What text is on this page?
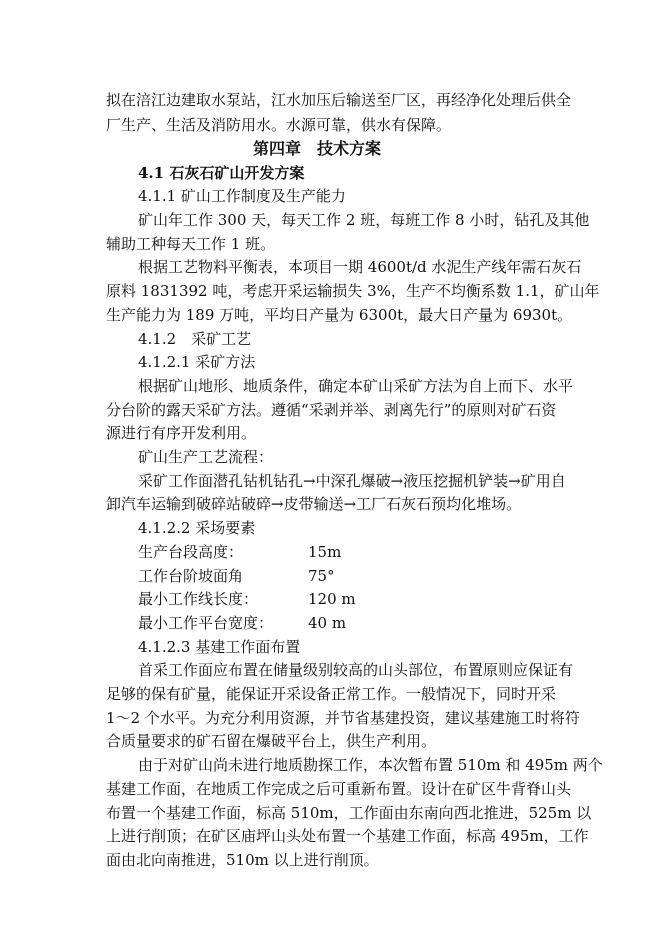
拟在涪江边建取水泵站，江水加压后输送至厂区，再经净化处理后供全
厂生产、生活及消防用水。水源可靠，供水有保障。
第四章　技术方案
4.1 石灰石矿山开发方案
4.1.1 矿山工作制度及生产能力
矿山年工作 300 天，每天工作 2 班，每班工作 8 小时，钻孔及其他
辅助工种每天工作 1 班。
根据工艺物料平衡表，本项目一期 4600t/d 水泥生产线年需石灰石
原料 1831392 吨，考虑开采运输损失 3%，生产不均衡系数 1.1，矿山年
生产能力为 189 万吨，平均日产量为 6300t，最大日产量为 6930t。
4.1.2　采矿工艺
4.1.2.1 采矿方法
根据矿山地形、地质条件，确定本矿山采矿方法为自上而下、水平
分台阶的露天采矿方法。遵循“采剥并举、剥离先行”的原则对矿石资
源进行有序开发利用。
矿山生产工艺流程：
采矿工作面潜孔钻机钻孔→中深孔爆破→液压挖掘机铲装→矿用自
卸汽车运输到破碎站破碎→皮带输送→工厂石灰石预均化堆场。
4.1.2.2 采场要素
生产台段高度：	15m
工作台阶坡面角	75°
最小工作线长度：	120 m
最小工作平台宽度： 40 m
4.1.2.3 基建工作面布置
首采工作面应布置在储量级别较高的山头部位，布置原则应保证有
足够的保有矿量，能保证开采设备正常工作。一般情况下，同时开采
1～2 个水平。为充分利用资源，并节省基建投资，建议基建施工时将符
合质量要求的矿石留在爆破平台上，供生产利用。
由于对矿山尚未进行地质勘探工作，本次暂布置 510m 和 495m 两个
基建工作面，在地质工作完成之后可重新布置。设计在矿区牛背脊山头
布置一个基建工作面，标高 510m，工作面由东南向西北推进，525m 以
上进行削顶；在矿区庙坪山头处布置一个基建工作面，标高 495m，工作
面由北向南推进，510m 以上进行削顶。
